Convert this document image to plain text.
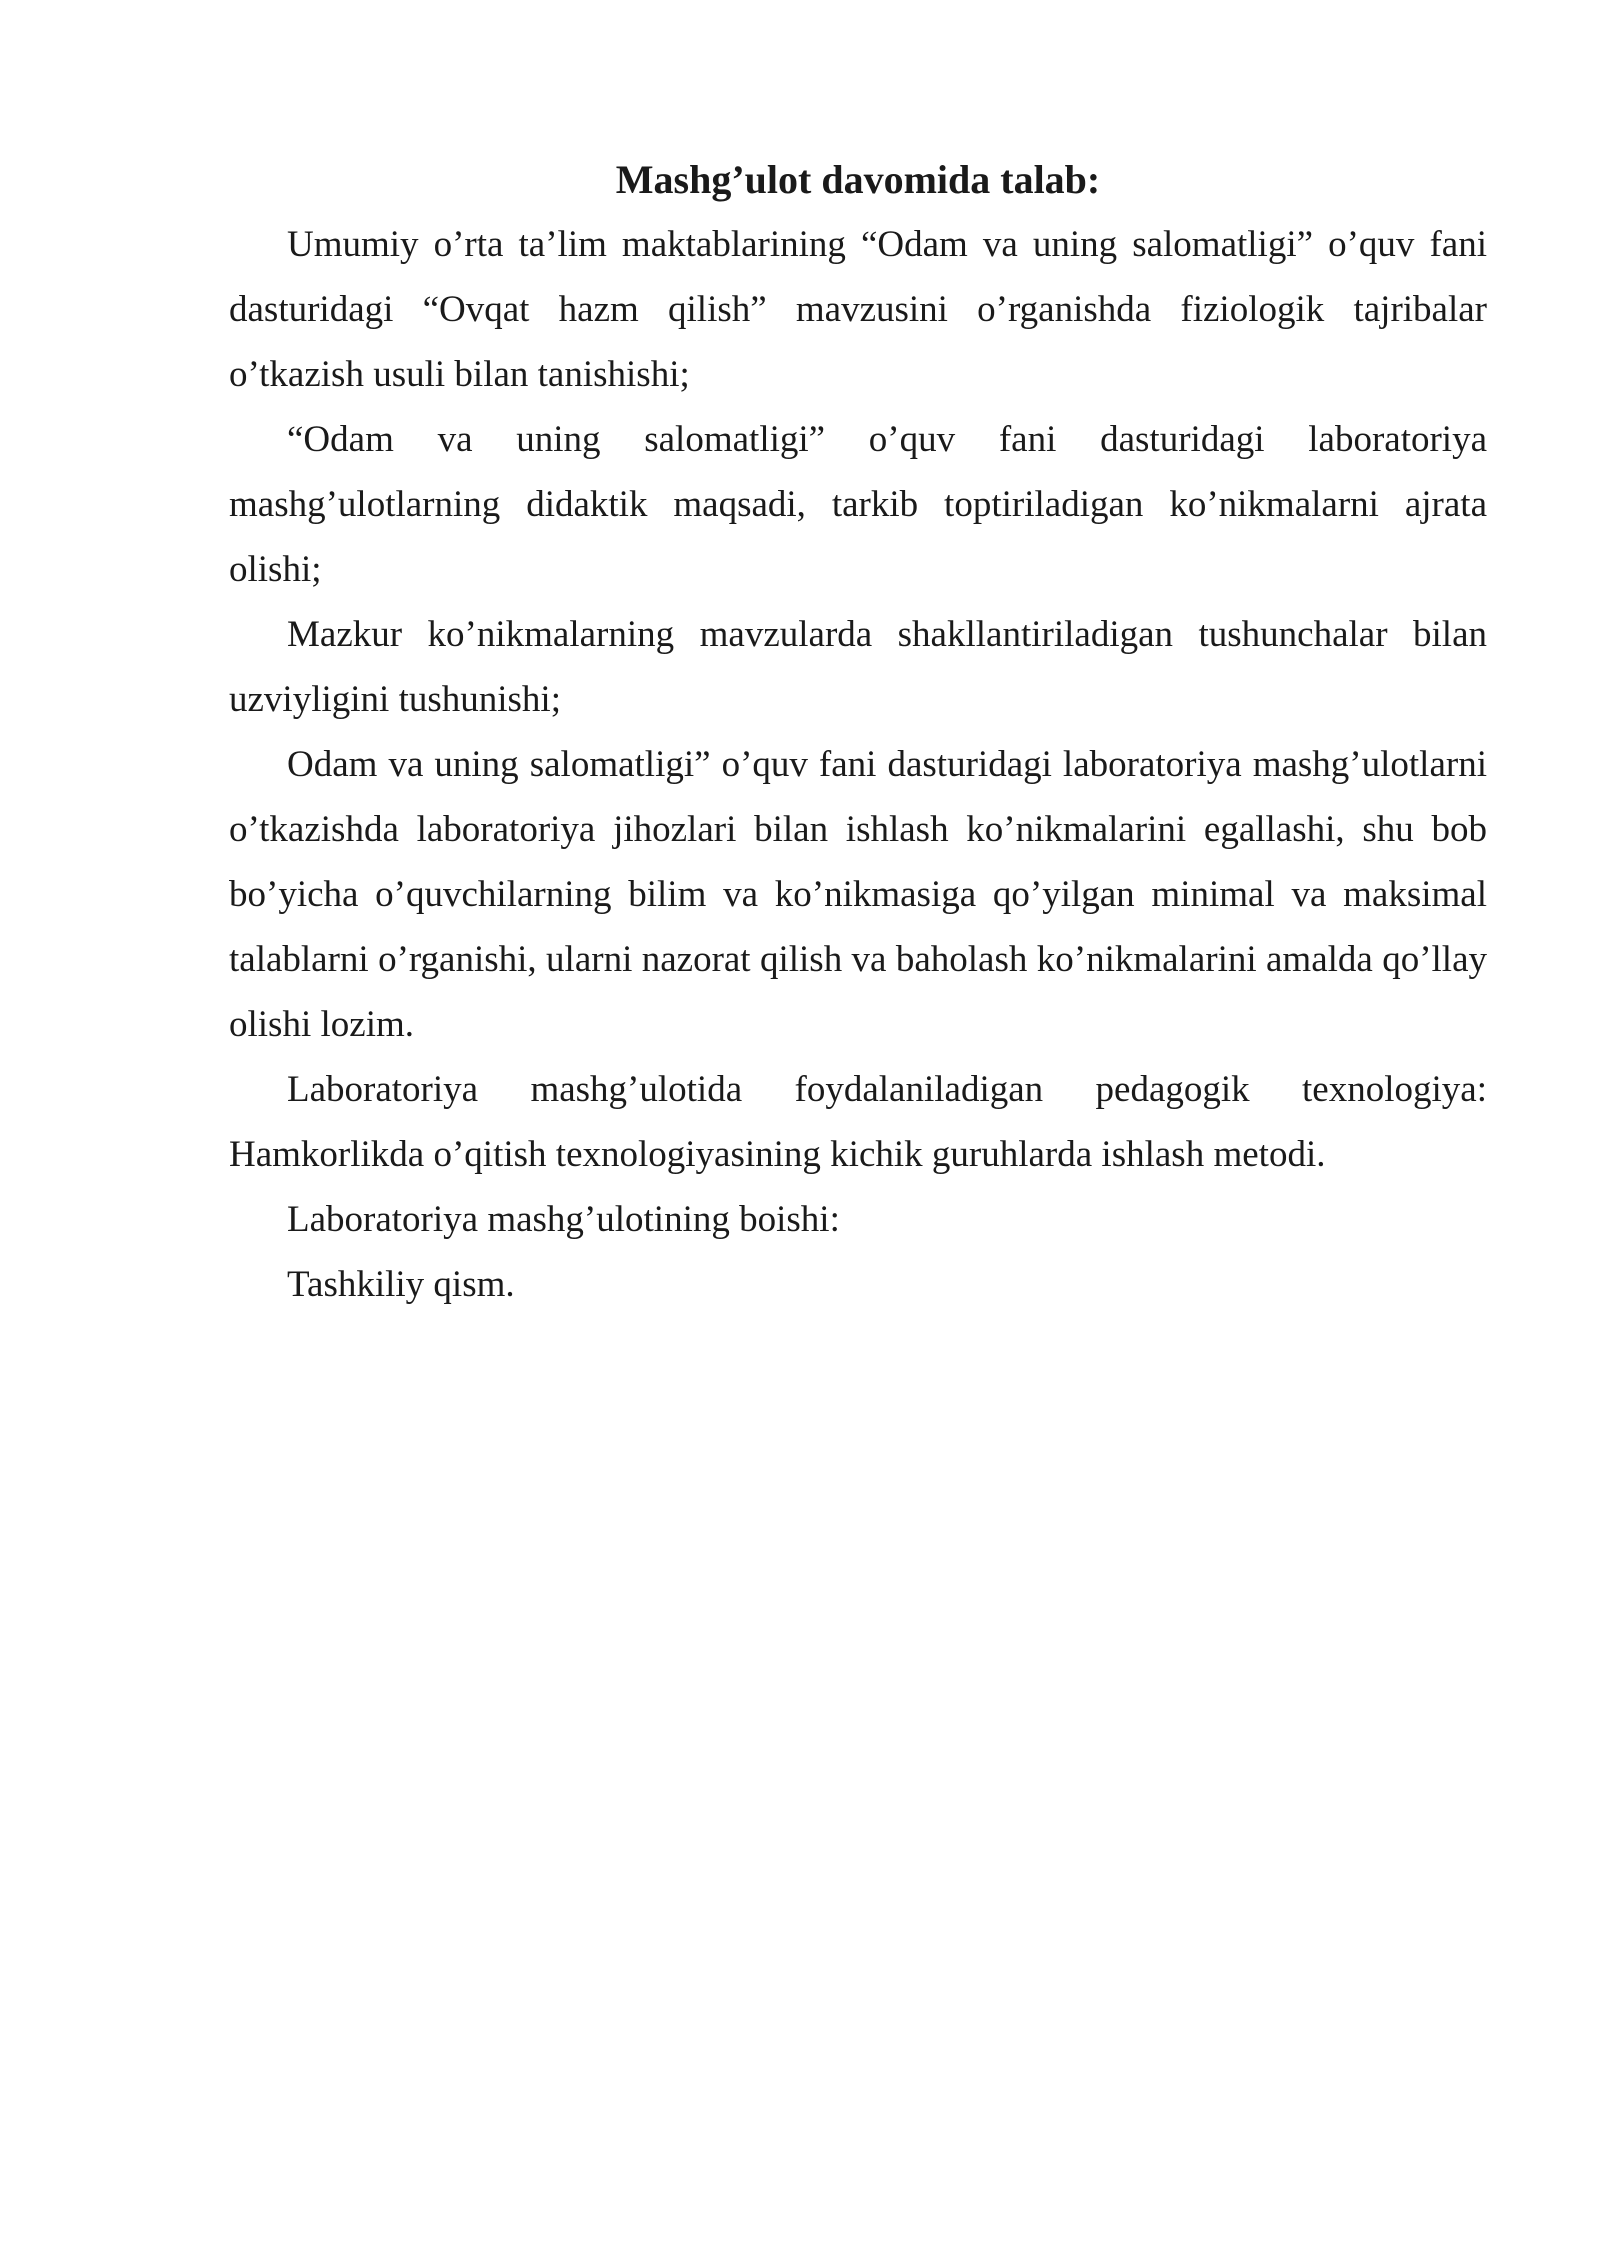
Mashg’ulot davomida talab:

Umumiy o’rta ta’lim maktablarining “Odam va uning salomatligi” o’quv fani dasturidagi “Ovqat hazm qilish” mavzusini o’rganishda fiziologik tajribalar o’tkazish usuli bilan tanishishi;

“Odam va uning salomatligi” o’quv fani dasturidagi laboratoriya mashg’ulotlarning didaktik maqsadi, tarkib toptiriladigan ko’nikmalarni ajrata olishi;

Mazkur ko’nikmalarning mavzularda shakllantiriladigan tushunchalar bilan uzviyligini tushunishi;

Odam va uning salomatligi” o’quv fani dasturidagi laboratoriya mashg’ulotlarni o’tkazishda laboratoriya jihozlari bilan ishlash ko’nikmalarini egallashi, shu bob bo’yicha o’quvchilarning bilim va ko’nikmasiga qo’yilgan minimal va maksimal talablarni o’rganishi, ularni nazorat qilish va baholash ko’nikmalarini amalda qo’llay olishi lozim.

Laboratoriya mashg’ulotida foydalaniladigan pedagogik texnologiya: Hamkorlikda o’qitish texnologiyasining kichik guruhlarda ishlash metodi.

Laboratoriya mashg’ulotining boishi:

Tashkiliy qism.
